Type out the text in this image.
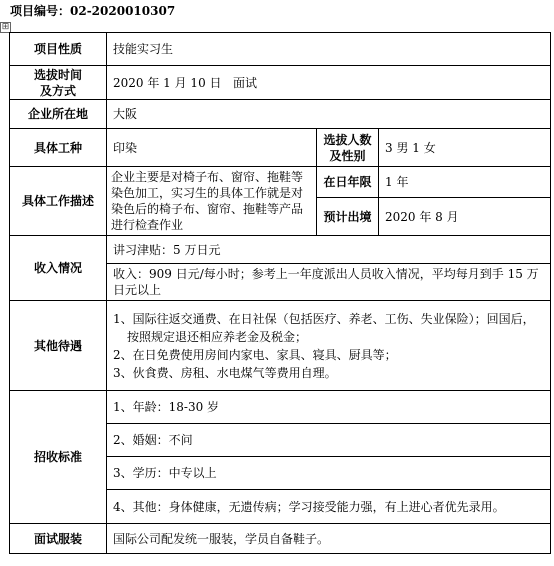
项目编号：02-2020010307
⊞
项目性质	技能实习生		

选拔时间
及方式	2020 年 1 月 10 日   面试		
企业所在地	大阪		
具体工种	印染	选拔人数
及性别	3 男 1 女
具体工作描述	企业主要是对椅子布、窗帘、拖鞋等染色加工，实习生的具体工作就是对染色后的椅子布、窗帘、拖鞋等产品进行检查作业	在日年限	1 年
		预计出境	2020 年 8 月
收入情况	讲习津贴：5 万日元		
	收入：909 日元/每小时；参考上一年度派出人员收入情况，平均每月到手 15 万日元以上		
其他待遇	1、国际往返交通费、在日社保（包括医疗、养老、工伤、失业保险）；回国后，按照规定退还相应养老金及税金；
2、在日免费使用房间内家电、家具、寝具、厨具等；
3、伙食费、房租、水电煤气等费用自理。		

招收标准	1、年龄：18-30 岁		
	2、婚姻：不问		
	3、学历：中专以上		
	4、其他：身体健康，无遗传病；学习接受能力强，有上进心者优先录用。		
面试服装	国际公司配发统一服装，学员自备鞋子。		
